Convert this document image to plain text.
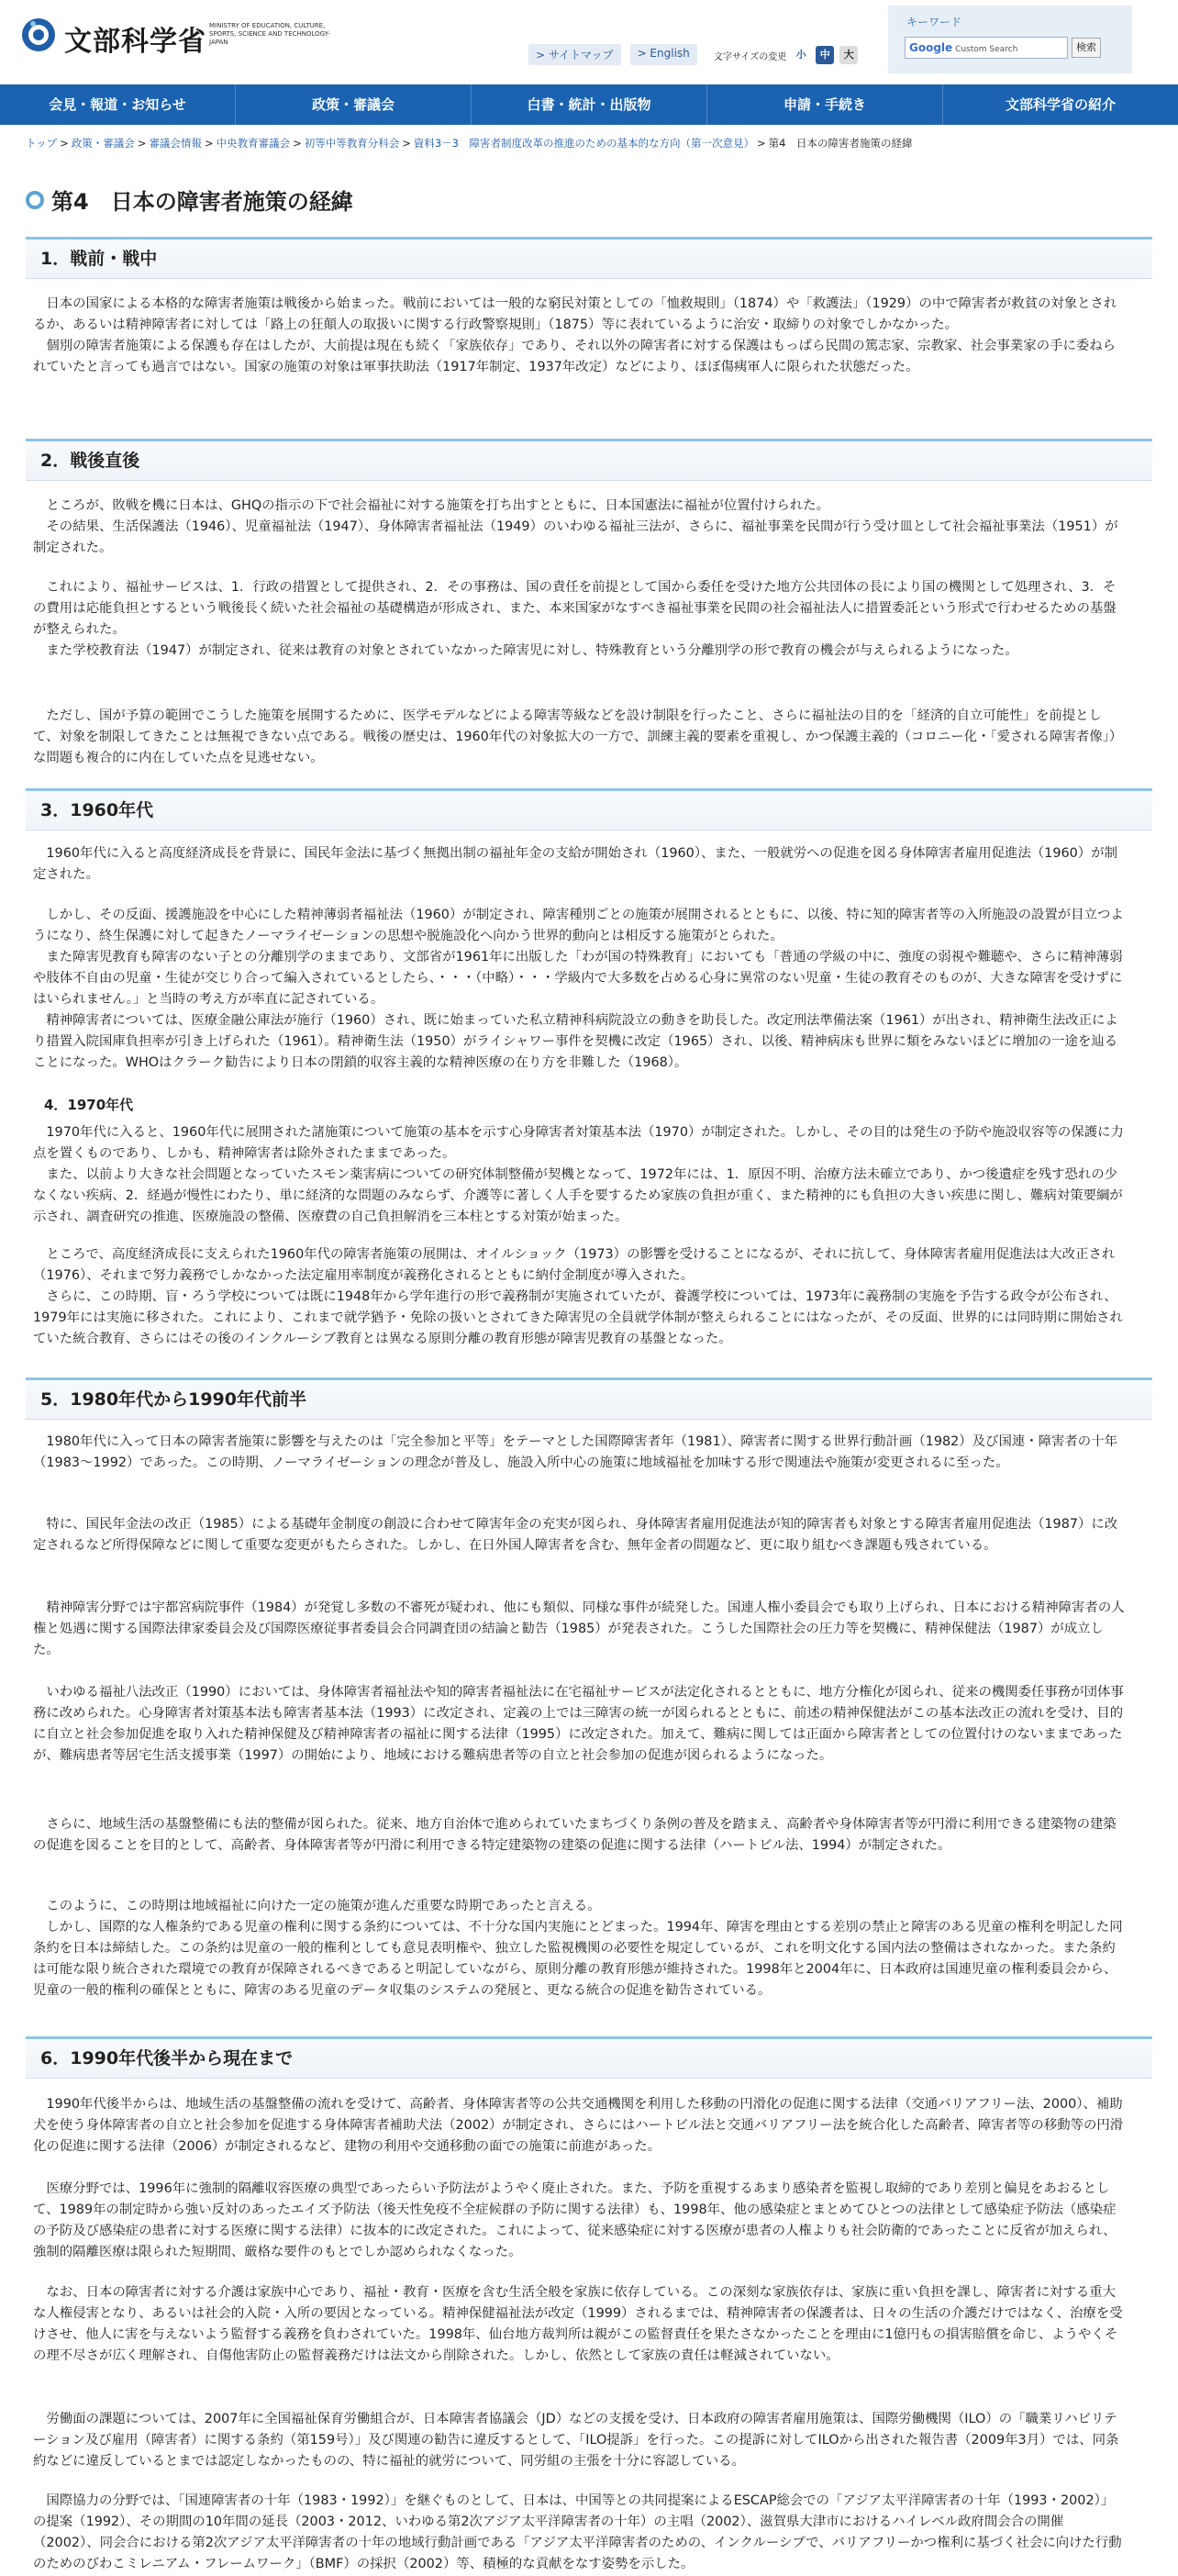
文部科学省 MINISTRY OF EDUCATION, CULTURE, SPORTS, SCIENCE AND TECHNOLOGY-JAPAN
> サイトマップ	> English	文字サイズの変更 小	中	大
キーワード
Google Custom Search	検索
会見・報道・お知らせ	政策・審議会	白書・統計・出版物	申請・手続き	文部科学省の紹介
トップ > 政策・審議会 > 審議会情報 > 中央教育審議会 > 初等中等教育分科会 > 資料3－3　障害者制度改革の推進のための基本的な方向（第一次意見） > 第4　日本の障害者施策の経緯
第4　日本の障害者施策の経緯
1．戦前・戦中
　日本の国家による本格的な障害者施策は戦後から始まった。戦前においては一般的な窮民対策としての「恤救規則」（1874）や「救護法」（1929）の中で障害者が救貧の対象とされるか、あるいは精神障害者に対しては「路上の狂顛人の取扱いに関する行政警察規則」（1875）等に表れているように治安・取締りの対象でしかなかった。
　個別の障害者施策による保護も存在はしたが、大前提は現在も続く「家族依存」であり、それ以外の障害者に対する保護はもっぱら民間の篤志家、宗教家、社会事業家の手に委ねられていたと言っても過言ではない。国家の施策の対象は軍事扶助法（1917年制定、1937年改定）などにより、ほぼ傷痍軍人に限られた状態だった。
2．戦後直後
　ところが、敗戦を機に日本は、GHQの指示の下で社会福祉に対する施策を打ち出すとともに、日本国憲法に福祉が位置付けられた。
　その結果、生活保護法（1946）、児童福祉法（1947）、身体障害者福祉法（1949）のいわゆる福祉三法が、さらに、福祉事業を民間が行う受け皿として社会福祉事業法（1951）が制定された。
　これにより、福祉サービスは、1．行政の措置として提供され、2．その事務は、国の責任を前提として国から委任を受けた地方公共団体の長により国の機関として処理され、3．その費用は応能負担とするという戦後長く続いた社会福祉の基礎構造が形成され、また、本来国家がなすべき福祉事業を民間の社会福祉法人に措置委託という形式で行わせるための基盤が整えられた。
　また学校教育法（1947）が制定され、従来は教育の対象とされていなかった障害児に対し、特殊教育という分離別学の形で教育の機会が与えられるようになった。
　ただし、国が予算の範囲でこうした施策を展開するために、医学モデルなどによる障害等級などを設け制限を行ったこと、さらに福祉法の目的を「経済的自立可能性」を前提として、対象を制限してきたことは無視できない点である。戦後の歴史は、1960年代の対象拡大の一方で、訓練主義的要素を重視し、かつ保護主義的（コロニー化・「愛される障害者像」）な問題も複合的に内在していた点を見逃せない。
3．1960年代
　1960年代に入ると高度経済成長を背景に、国民年金法に基づく無拠出制の福祉年金の支給が開始され（1960）、また、一般就労への促進を図る身体障害者雇用促進法（1960）が制定された。
　しかし、その反面、援護施設を中心にした精神薄弱者福祉法（1960）が制定され、障害種別ごとの施策が展開されるとともに、以後、特に知的障害者等の入所施設の設置が目立つようになり、終生保護に対して起きたノーマライゼーションの思想や脱施設化へ向かう世界的動向とは相反する施策がとられた。
　また障害児教育も障害のない子との分離別学のままであり、文部省が1961年に出版した「わが国の特殊教育」においても「普通の学級の中に、強度の弱視や難聴や、さらに精神薄弱や肢体不自由の児童・生徒が交じり合って編入されているとしたら、・・・（中略）・・・学級内で大多数を占める心身に異常のない児童・生徒の教育そのものが、大きな障害を受けずにはいられません。」と当時の考え方が率直に記されている。
　精神障害者については、医療金融公庫法が施行（1960）され、既に始まっていた私立精神科病院設立の動きを助長した。改定刑法準備法案（1961）が出され、精神衛生法改正により措置入院国庫負担率が引き上げられた（1961）。精神衛生法（1950）がライシャワー事件を契機に改定（1965）され、以後、精神病床も世界に類をみないほどに増加の一途を辿ることになった。WHOはクラーク勧告により日本の閉鎖的収容主義的な精神医療の在り方を非難した（1968）。
4．1970年代
　1970年代に入ると、1960年代に展開された諸施策について施策の基本を示す心身障害者対策基本法（1970）が制定された。しかし、その目的は発生の予防や施設収容等の保護に力点を置くものであり、しかも、精神障害者は除外されたままであった。
　また、以前より大きな社会問題となっていたスモン薬害病についての研究体制整備が契機となって、1972年には、1．原因不明、治療方法未確立であり、かつ後遺症を残す恐れの少なくない疾病、2．経過が慢性にわたり、単に経済的な問題のみならず、介護等に著しく人手を要するため家族の負担が重く、また精神的にも負担の大きい疾患に関し、難病対策要綱が示され、調査研究の推進、医療施設の整備、医療費の自己負担解消を三本柱とする対策が始まった。
　ところで、高度経済成長に支えられた1960年代の障害者施策の展開は、オイルショック（1973）の影響を受けることになるが、それに抗して、身体障害者雇用促進法は大改正され（1976）、それまで努力義務でしかなかった法定雇用率制度が義務化されるとともに納付金制度が導入された。
　さらに、この時期、盲・ろう学校については既に1948年から学年進行の形で義務制が実施されていたが、養護学校については、1973年に義務制の実施を予告する政令が公布され、1979年には実施に移された。これにより、これまで就学猶予・免除の扱いとされてきた障害児の全員就学体制が整えられることにはなったが、その反面、世界的には同時期に開始されていた統合教育、さらにはその後のインクルーシブ教育とは異なる原則分離の教育形態が障害児教育の基盤となった。
5．1980年代から1990年代前半
　1980年代に入って日本の障害者施策に影響を与えたのは「完全参加と平等」をテーマとした国際障害者年（1981）、障害者に関する世界行動計画（1982）及び国連・障害者の十年（1983～1992）であった。この時期、ノーマライゼーションの理念が普及し、施設入所中心の施策に地域福祉を加味する形で関連法や施策が変更されるに至った。
　特に、国民年金法の改正（1985）による基礎年金制度の創設に合わせて障害年金の充実が図られ、身体障害者雇用促進法が知的障害者も対象とする障害者雇用促進法（1987）に改定されるなど所得保障などに関して重要な変更がもたらされた。しかし、在日外国人障害者を含む、無年金者の問題など、更に取り組むべき課題も残されている。
　精神障害分野では宇都宮病院事件（1984）が発覚し多数の不審死が疑われ、他にも類似、同様な事件が続発した。国連人権小委員会でも取り上げられ、日本における精神障害者の人権と処遇に関する国際法律家委員会及び国際医療従事者委員会合同調査団の結論と勧告（1985）が発表された。こうした国際社会の圧力等を契機に、精神保健法（1987）が成立した。
　いわゆる福祉八法改正（1990）においては、身体障害者福祉法や知的障害者福祉法に在宅福祉サービスが法定化されるとともに、地方分権化が図られ、従来の機関委任事務が団体事務に改められた。心身障害者対策基本法も障害者基本法（1993）に改定され、定義の上では三障害の統一が図られるとともに、前述の精神保健法がこの基本法改正の流れを受け、目的に自立と社会参加促進を取り入れた精神保健及び精神障害者の福祉に関する法律（1995）に改定された。加えて、難病に関しては正面から障害者としての位置付けのないままであったが、難病患者等居宅生活支援事業（1997）の開始により、地域における難病患者等の自立と社会参加の促進が図られるようになった。
　さらに、地域生活の基盤整備にも法的整備が図られた。従来、地方自治体で進められていたまちづくり条例の普及を踏まえ、高齢者や身体障害者等が円滑に利用できる建築物の建築の促進を図ることを目的として、高齢者、身体障害者等が円滑に利用できる特定建築物の建築の促進に関する法律（ハートビル法、1994）が制定された。
　このように、この時期は地域福祉に向けた一定の施策が進んだ重要な時期であったと言える。
　しかし、国際的な人権条約である児童の権利に関する条約については、不十分な国内実施にとどまった。1994年、障害を理由とする差別の禁止と障害のある児童の権利を明記した同条約を日本は締結した。この条約は児童の一般的権利としても意見表明権や、独立した監視機関の必要性を規定しているが、これを明文化する国内法の整備はされなかった。また条約は可能な限り統合された環境での教育が保障されるべきであると明記していながら、原則分離の教育形態が維持された。1998年と2004年に、日本政府は国連児童の権利委員会から、児童の一般的権利の確保とともに、障害のある児童のデータ収集のシステムの発展と、更なる統合の促進を勧告されている。
6．1990年代後半から現在まで
　1990年代後半からは、地域生活の基盤整備の流れを受けて、高齢者、身体障害者等の公共交通機関を利用した移動の円滑化の促進に関する法律（交通バリアフリー法、2000）、補助犬を使う身体障害者の自立と社会参加を促進する身体障害者補助犬法（2002）が制定され、さらにはハートビル法と交通バリアフリー法を統合化した高齢者、障害者等の移動等の円滑化の促進に関する法律（2006）が制定されるなど、建物の利用や交通移動の面での施策に前進があった。
　医療分野では、1996年に強制的隔離収容医療の典型であったらい予防法がようやく廃止された。また、予防を重視するあまり感染者を監視し取締的であり差別と偏見をあおるとして、1989年の制定時から強い反対のあったエイズ予防法（後天性免疫不全症候群の予防に関する法律）も、1998年、他の感染症とまとめてひとつの法律として感染症予防法（感染症の予防及び感染症の患者に対する医療に関する法律）に抜本的に改定された。これによって、従来感染症に対する医療が患者の人権よりも社会防衛的であったことに反省が加えられ、強制的隔離医療は限られた短期間、厳格な要件のもとでしか認められなくなった。
　なお、日本の障害者に対する介護は家族中心であり、福祉・教育・医療を含む生活全般を家族に依存している。この深刻な家族依存は、家族に重い負担を課し、障害者に対する重大な人権侵害となり、あるいは社会的入院・入所の要因となっている。精神保健福祉法が改定（1999）されるまでは、精神障害者の保護者は、日々の生活の介護だけではなく、治療を受けさせ、他人に害を与えないよう監督する義務を負わされていた。1998年、仙台地方裁判所は親がこの監督責任を果たさなかったことを理由に1億円もの損害賠償を命じ、ようやくその理不尽さが広く理解され、自傷他害防止の監督義務だけは法文から削除された。しかし、依然として家族の責任は軽減されていない。
　労働面の課題については、2007年に全国福祉保育労働組合が、日本障害者協議会（JD）などの支援を受け、日本政府の障害者雇用施策は、国際労働機関（ILO）の「職業リハビリテーション及び雇用（障害者）に関する条約（第159号）」及び関連の勧告に違反するとして、「ILO提訴」を行った。この提訴に対してILOから出された報告書（2009年3月）では、同条約などに違反しているとまでは認定しなかったものの、特に福祉的就労について、同労組の主張を十分に容認している。
　国際協力の分野では、「国連障害者の十年（1983・1992）」を継ぐものとして、日本は、中国等との共同提案によるESCAP総会での「アジア太平洋障害者の十年（1993・2002）」の提案（1992）、その期間の10年間の延長（2003・2012、いわゆる第2次アジア太平洋障害者の十年）の主唱（2002）、滋賀県大津市におけるハイレベル政府間会合の開催（2002）、同会合における第2次アジア太平洋障害者の十年の地域行動計画である「アジア太平洋障害者のための、インクルーシブで、バリアフリーかつ権利に基づく社会に向けた行動のためのびわこミレニアム・フレームワーク」（BMF）の採択（2002）等、積極的な貢献をなす姿勢を示した。
